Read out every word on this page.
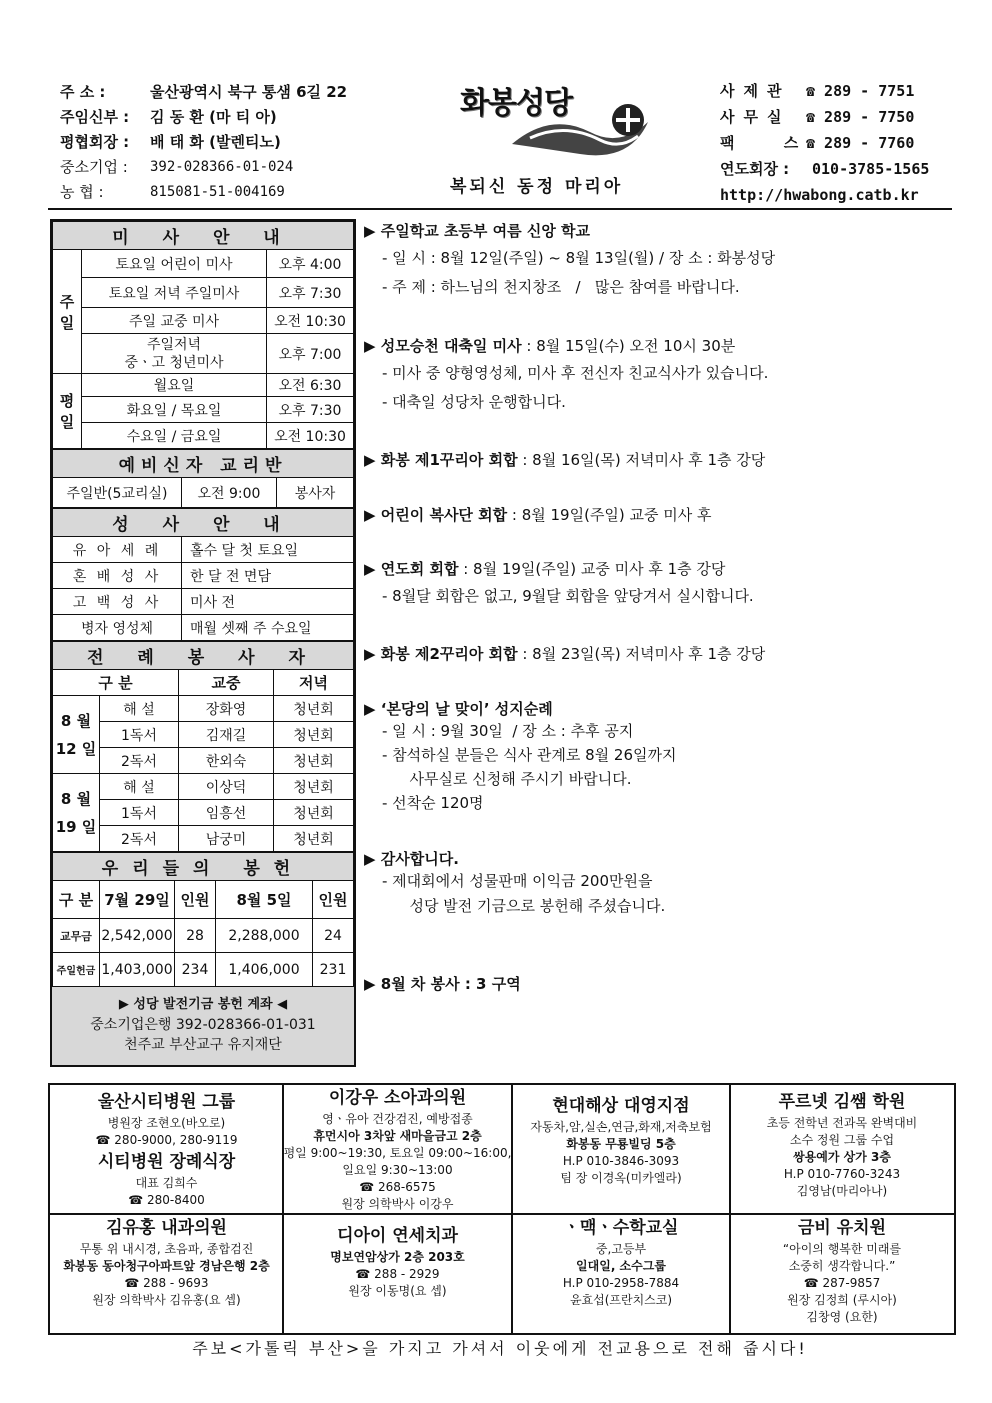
주 소 :	울산광역시 북구 통샘 6길 22
주임신부 :	김 동 환 (마 티 아)
평협회장 :	배 태 화 (발렌티노)
중소기업 :	392-028366-01-024
농 협 :	815081-51-004169
화봉성당
복되신 동정 마리아
사제관	☎ 289 - 7751
사무실	☎ 289 - 7750
팩 스
☎ 289 - 7760
연도회장 :	010-3785-1565
http://hwabong.catb.kr
미 사 안 내		
주일	토요일 어린이 미사	오후 4:00
	토요일 저녁 주일미사	오후 7:30
	주일 교중 미사	오전 10:30
	주일저녁
중ㆍ고 청년미사	오후 7:00
평일	월요일	오전 6:30
	화요일 / 목요일	오후 7:30
	수요일 / 금요일	오전 10:30
예비신자 교리반
주일반(5교리실)	오전 9:00	봉사자
성 사 안 내	
유 아 세 례	홀수 달 첫 토요일
혼 배 성 사	한 달 전 면담
고 백 성 사	미사 전
병자 영성체	매월 셋째 주 수요일
전 례 봉 사 자			
구 분		교중	저녁
8 월
12 일	해 설	장화영	청년회
	1독서	김재길	청년회
	2독서	한외숙	청년회
8 월
19 일	해 설	이상덕	청년회
	1독서	임흥선	청년회
	2독서	남궁미	청년회
우리들의 봉헌				
구 분	7월 29일	인원	8월 5일	인원
교무금	2,542,000	28	2,288,000	24
주일헌금	1,403,000	234	1,406,000	231
▶ 성당 발전기금 봉헌 계좌 ◀
중소기업은행 392-028366-01-031
천주교 부산교구 유지재단
▶ 주일학교 초등부 여름 신앙 학교
- 일 시 : 8월 12일(주일) ~ 8월 13일(월) / 장 소 : 화봉성당
- 주 제 : 하느님의 천지창조   /   많은 참여를 바랍니다.
▶ 성모승천 대축일 미사 : 8월 15일(수) 오전 10시 30분
- 미사 중 양형영성체, 미사 후 전신자 친교식사가 있습니다.
- 대축일 성당차 운행합니다.
▶ 화봉 제1꾸리아 회합 : 8월 16일(목) 저녁미사 후 1층 강당
▶ 어린이 복사단 회합 : 8월 19일(주일) 교중 미사 후
▶ 연도회 회합 : 8월 19일(주일) 교중 미사 후 1층 강당
- 8월달 회합은 없고, 9월달 회합을 앞당겨서 실시합니다.
▶ 화봉 제2꾸리아 회합 : 8월 23일(목) 저녁미사 후 1층 강당
▶ ‘본당의 날 맞이’ 성지순례
- 일 시 : 9월 30일  / 장 소 : 추후 공지
- 참석하실 분들은 식사 관계로 8월 26일까지
사무실로 신청해 주시기 바랍니다.
- 선착순 120명
▶ 감사합니다.
- 제대회에서 성물판매 이익금 200만원을
성당 발전 기금으로 봉헌해 주셨습니다.
▶ 8월 차 봉사 : 3 구역
울산시티병원 그룹
병원장 조현오(바오로)
☎ 280-9000, 280-9119
시티병원 장례식장
대표 김희수
☎ 280-8400
이강우 소아과의원
영ㆍ유아 건강검진, 예방접종
휴먼시아 3차앞 새마을금고 2층
평일 9:00~19:30, 토요일 09:00~16:00,
일요일 9:30~13:00
☎ 268-6575
원장 의학박사 이강우
현대해상 대영지점
자동차,암,실손,연금,화재,저축보험
화봉동 무룡빌딩 5층
H.P 010-3846-3093
팀 장 이경옥(미카엘라)
푸르넷 김쌤 학원
초등 전학년 전과목 완벽대비
소수 정원 그룹 수업
쌍용예가 상가 3층
H.P 010-7760-3243
김영남(마리아나)
김유홍 내과의원
무통 위 내시경, 초음파, 종합검진
화봉동 동아청구아파트앞 경남은행 2층
☎ 288 - 9693
원장 의학박사 김유홍(요 셉)
디아이 연세치과
명보연암상가 2층 203호
☎ 288 - 2929
원장 이동명(요 셉)
ㆍ맥ㆍ수학교실
중,고등부
일대일, 소수그룹
H.P 010-2958-7884
윤효섭(프란치스코)
금비 유치원
“아이의 행복한 미래를
소중히 생각합니다.”
☎ 287-9857
원장 김정희 (루시아)
김창영 (요한)
주보<가톨릭 부산>을 가지고 가셔서 이웃에게 전교용으로 전해 줍시다!
